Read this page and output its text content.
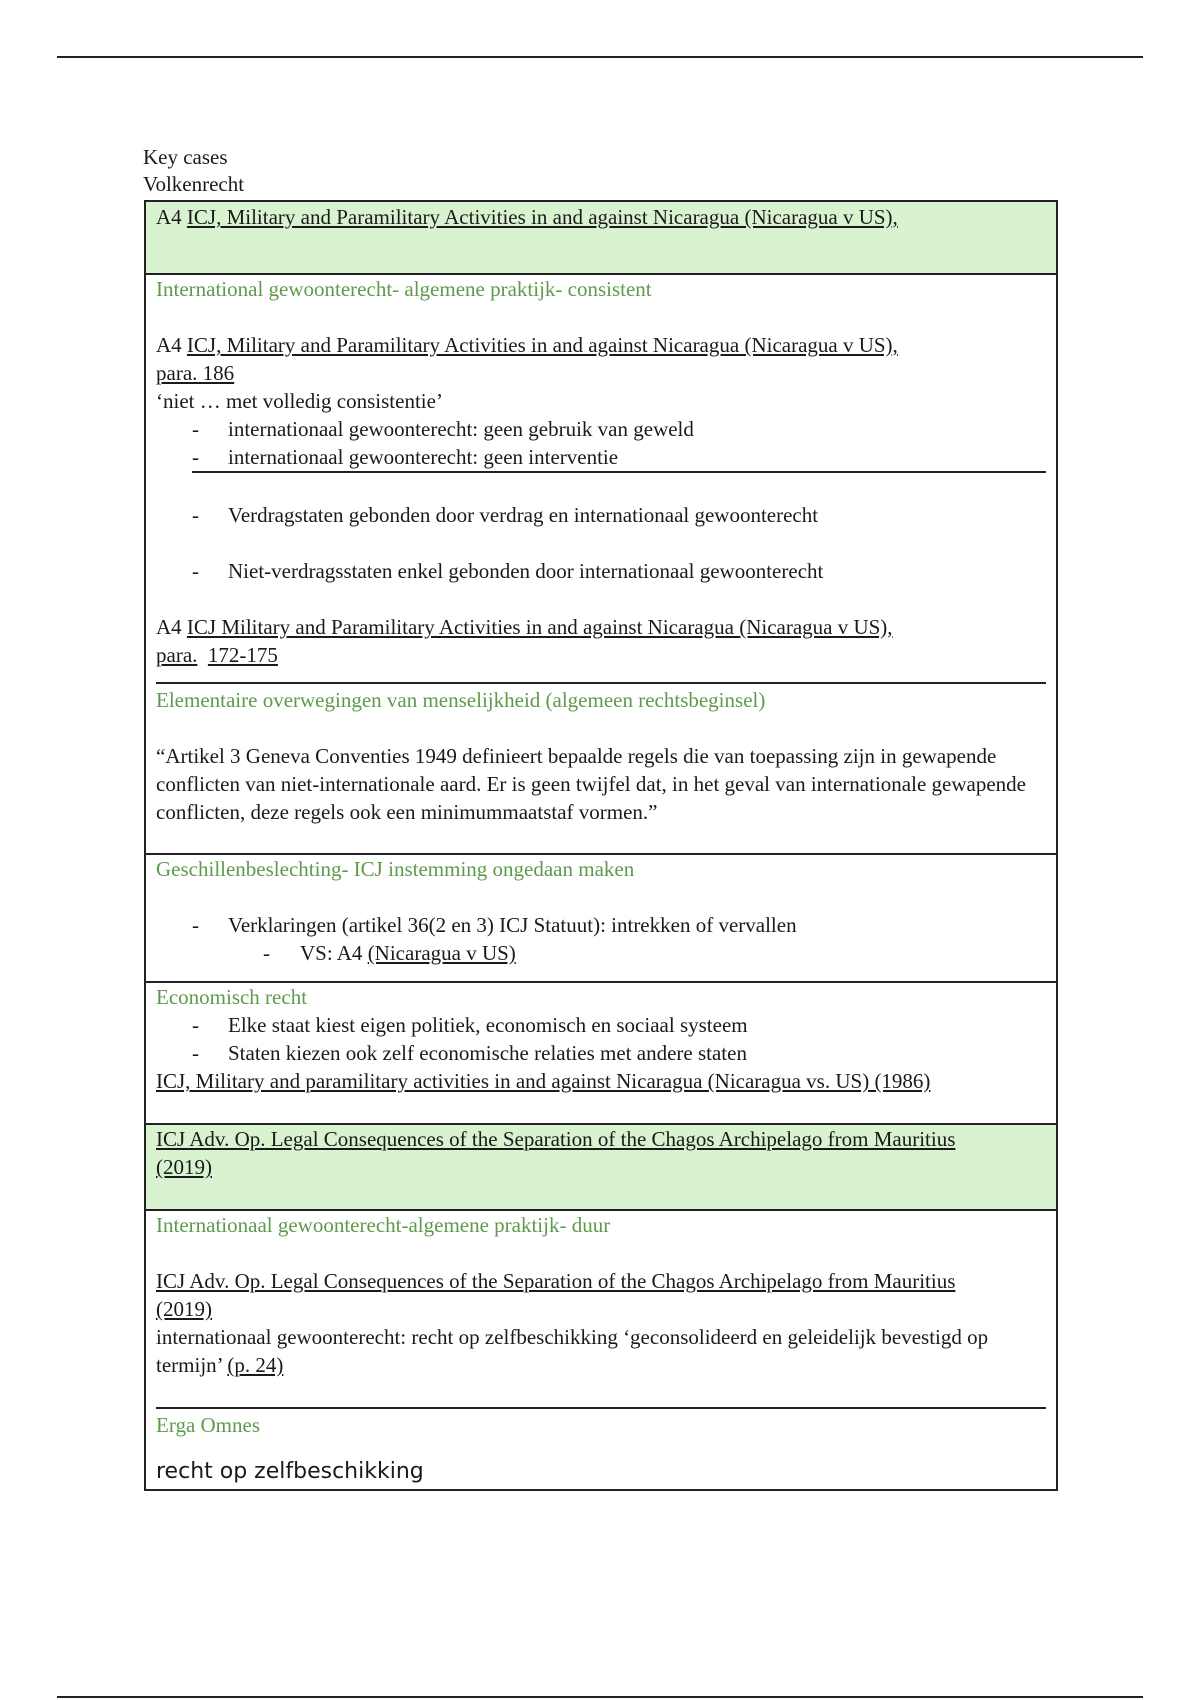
Key cases
Volkenrecht
A4 ICJ, Military and Paramilitary Activities in and against Nicaragua (Nicaragua v US),

International gewoonterecht- algemene praktijk- consistent
A4 ICJ, Military and Paramilitary Activities in and against Nicaragua (Nicaragua v US),
para. 186
‘niet … met volledig consistentie’
- internationaal gewoonterecht: geen gebruik van geweld
- internationaal gewoonterecht: geen interventie
- Verdragstaten gebonden door verdrag en internationaal gewoonterecht
- Niet-verdragsstaten enkel gebonden door internationaal gewoonterecht
A4 ICJ Military and Paramilitary Activities in and against Nicaragua (Nicaragua v US),
para. 172-175
Elementaire overwegingen van menselijkheid (algemeen rechtsbeginsel)
“Artikel 3 Geneva Conventies 1949 definieert bepaalde regels die van toepassing zijn in gewapende conflicten van niet-internationale aard. Er is geen twijfel dat, in het geval van internationale gewapende conflicten, deze regels ook een minimummaatstaf vormen.”

Geschillenbeslechting- ICJ instemming ongedaan maken
- Verklaringen (artikel 36(2 en 3) ICJ Statuut): intrekken of vervallen
- VS: A4 (Nicaragua v US)

Economisch recht
- Elke staat kiest eigen politiek, economisch en sociaal systeem
- Staten kiezen ook zelf economische relaties met andere staten
ICJ, Military and paramilitary activities in and against Nicaragua (Nicaragua vs. US) (1986)

ICJ Adv. Op. Legal Consequences of the Separation of the Chagos Archipelago from Mauritius (2019)

Internationaal gewoonterecht-algemene praktijk- duur
ICJ Adv. Op. Legal Consequences of the Separation of the Chagos Archipelago from Mauritius (2019)
internationaal gewoonterecht: recht op zelfbeschikking ‘geconsolideerd en geleidelijk bevestigd op termijn’ (p. 24)
Erga Omnes
recht op zelfbeschikking
